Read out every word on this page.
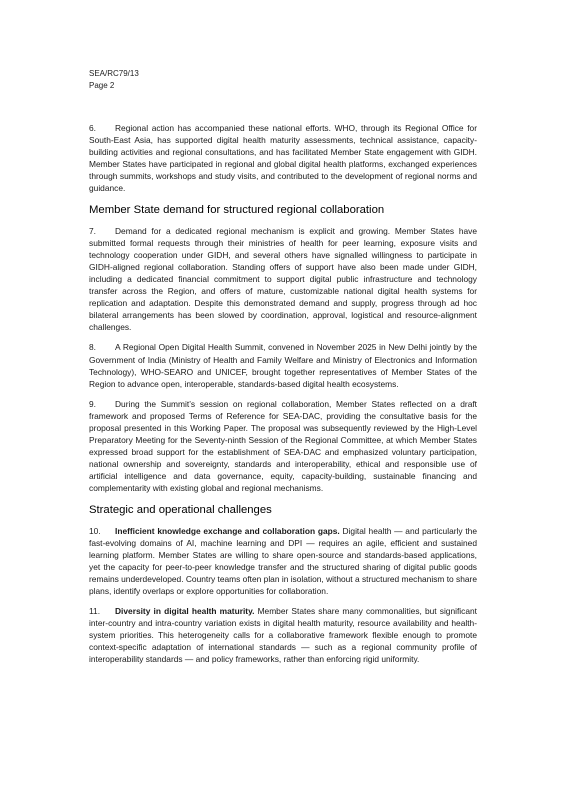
SEA/RC79/13
Page 2

6. Regional action has accompanied these national efforts. WHO, through its Regional Office for South-East Asia, has supported digital health maturity assessments, technical assistance, capacity-building activities and regional consultations, and has facilitated Member State engagement with GIDH. Member States have participated in regional and global digital health platforms, exchanged experiences through summits, workshops and study visits, and contributed to the development of regional norms and guidance.

Member State demand for structured regional collaboration

7. Demand for a dedicated regional mechanism is explicit and growing. Member States have submitted formal requests through their ministries of health for peer learning, exposure visits and technology cooperation under GIDH, and several others have signalled willingness to participate in GIDH-aligned regional collaboration. Standing offers of support have also been made under GIDH, including a dedicated financial commitment to support digital public infrastructure and technology transfer across the Region, and offers of mature, customizable national digital health systems for replication and adaptation. Despite this demonstrated demand and supply, progress through ad hoc bilateral arrangements has been slowed by coordination, approval, logistical and resource-alignment challenges.

8. A Regional Open Digital Health Summit, convened in November 2025 in New Delhi jointly by the Government of India (Ministry of Health and Family Welfare and Ministry of Electronics and Information Technology), WHO-SEARO and UNICEF, brought together representatives of Member States of the Region to advance open, interoperable, standards-based digital health ecosystems.

9. During the Summit’s session on regional collaboration, Member States reflected on a draft framework and proposed Terms of Reference for SEA-DAC, providing the consultative basis for the proposal presented in this Working Paper. The proposal was subsequently reviewed by the High-Level Preparatory Meeting for the Seventy-ninth Session of the Regional Committee, at which Member States expressed broad support for the establishment of SEA-DAC and emphasized voluntary participation, national ownership and sovereignty, standards and interoperability, ethical and responsible use of artificial intelligence and data governance, equity, capacity-building, sustainable financing and complementarity with existing global and regional mechanisms.

Strategic and operational challenges

10. Inefficient knowledge exchange and collaboration gaps. Digital health — and particularly the fast-evolving domains of AI, machine learning and DPI — requires an agile, efficient and sustained learning platform. Member States are willing to share open-source and standards-based applications, yet the capacity for peer-to-peer knowledge transfer and the structured sharing of digital public goods remains underdeveloped. Country teams often plan in isolation, without a structured mechanism to share plans, identify overlaps or explore opportunities for collaboration.

11. Diversity in digital health maturity. Member States share many commonalities, but significant inter-country and intra-country variation exists in digital health maturity, resource availability and health-system priorities. This heterogeneity calls for a collaborative framework flexible enough to promote context-specific adaptation of international standards — such as a regional community profile of interoperability standards — and policy frameworks, rather than enforcing rigid uniformity.
